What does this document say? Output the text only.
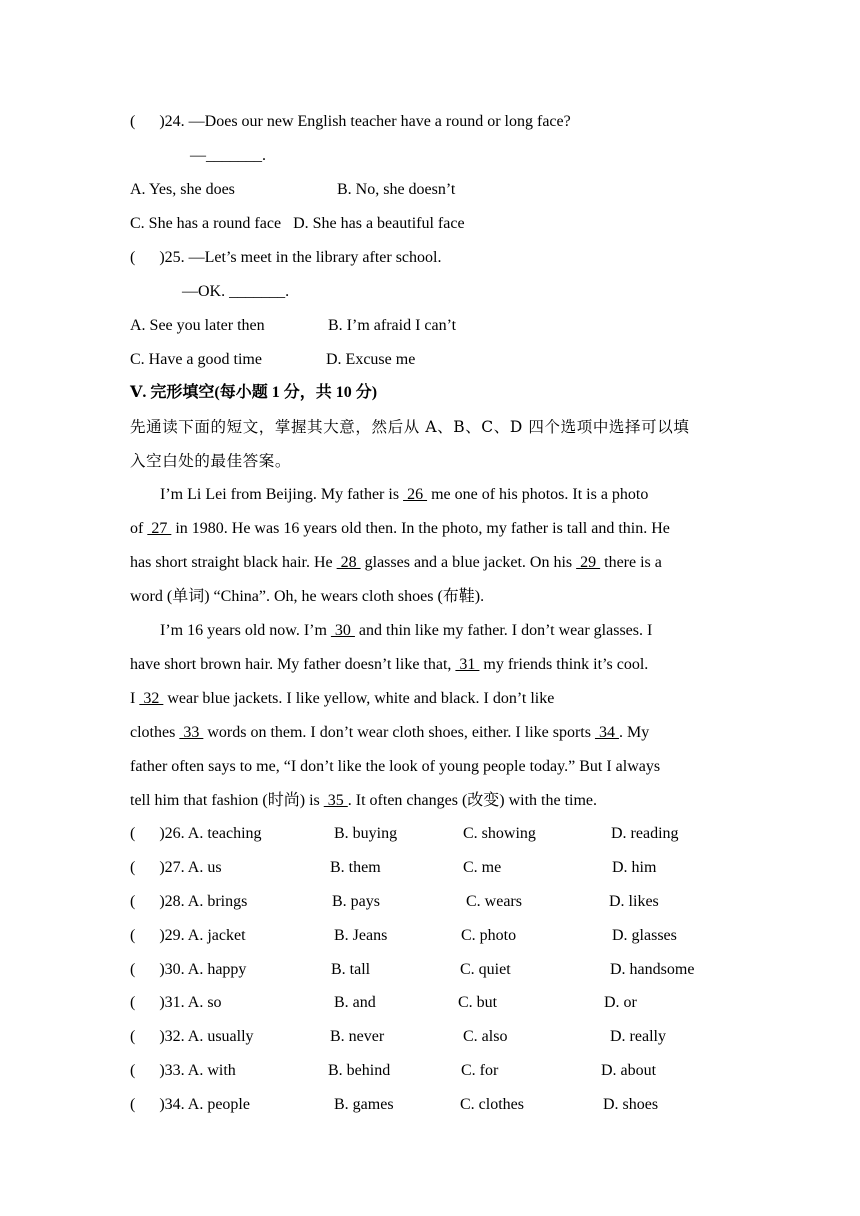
(      )24. —Does our new English teacher have a round or long face?
—_______.
A. Yes, she does	B. No, she doesn’t
C. She has a round face   D. She has a beautiful face
(      )25. —Let’s meet in the library after school.
—OK. _______.
A. See you later then	B. I’m afraid I can’t
C. Have a good time	D. Excuse me
Ⅴ. 完形填空(每小题 1 分，共 10 分)
先通读下面的短文，掌握其大意，然后从 A、B、C、D 四个选项中选择可以填
入空白处的最佳答案。
I’m Li Lei from Beijing. My father is  26  me one of his photos. It is a photo
of  27  in 1980. He was 16 years old then. In the photo, my father is tall and thin. He
has short straight black hair. He  28  glasses and a blue jacket. On his  29  there is a
word (单词) “China”. Oh, he wears cloth shoes (布鞋).
I’m 16 years old now. I’m  30  and thin like my father. I don’t wear glasses. I
have short brown hair. My father doesn’t like that,  31  my friends think it’s cool.
I  32  wear blue jackets. I like yellow, white and black. I don’t like
clothes  33  words on them. I don’t wear cloth shoes, either. I like sports  34 . My
father often says to me, “I don’t like the look of young people today.” But I always
tell him that fashion (时尚) is  35 . It often changes (改变) with the time.
(      )26. A. teaching	B. buying	C. showing	D. reading
(      )27. A. us	B. them	C. me	D. him
(      )28. A. brings	B. pays	C. wears	D. likes
(      )29. A. jacket	B. Jeans	C. photo	D. glasses
(      )30. A. happy	B. tall	C. quiet	D. handsome
(      )31. A. so	B. and	C. but	D. or
(      )32. A. usually	B. never	C. also	D. really
(      )33. A. with	B. behind	C. for	D. about
(      )34. A. people	B. games	C. clothes	D. shoes
